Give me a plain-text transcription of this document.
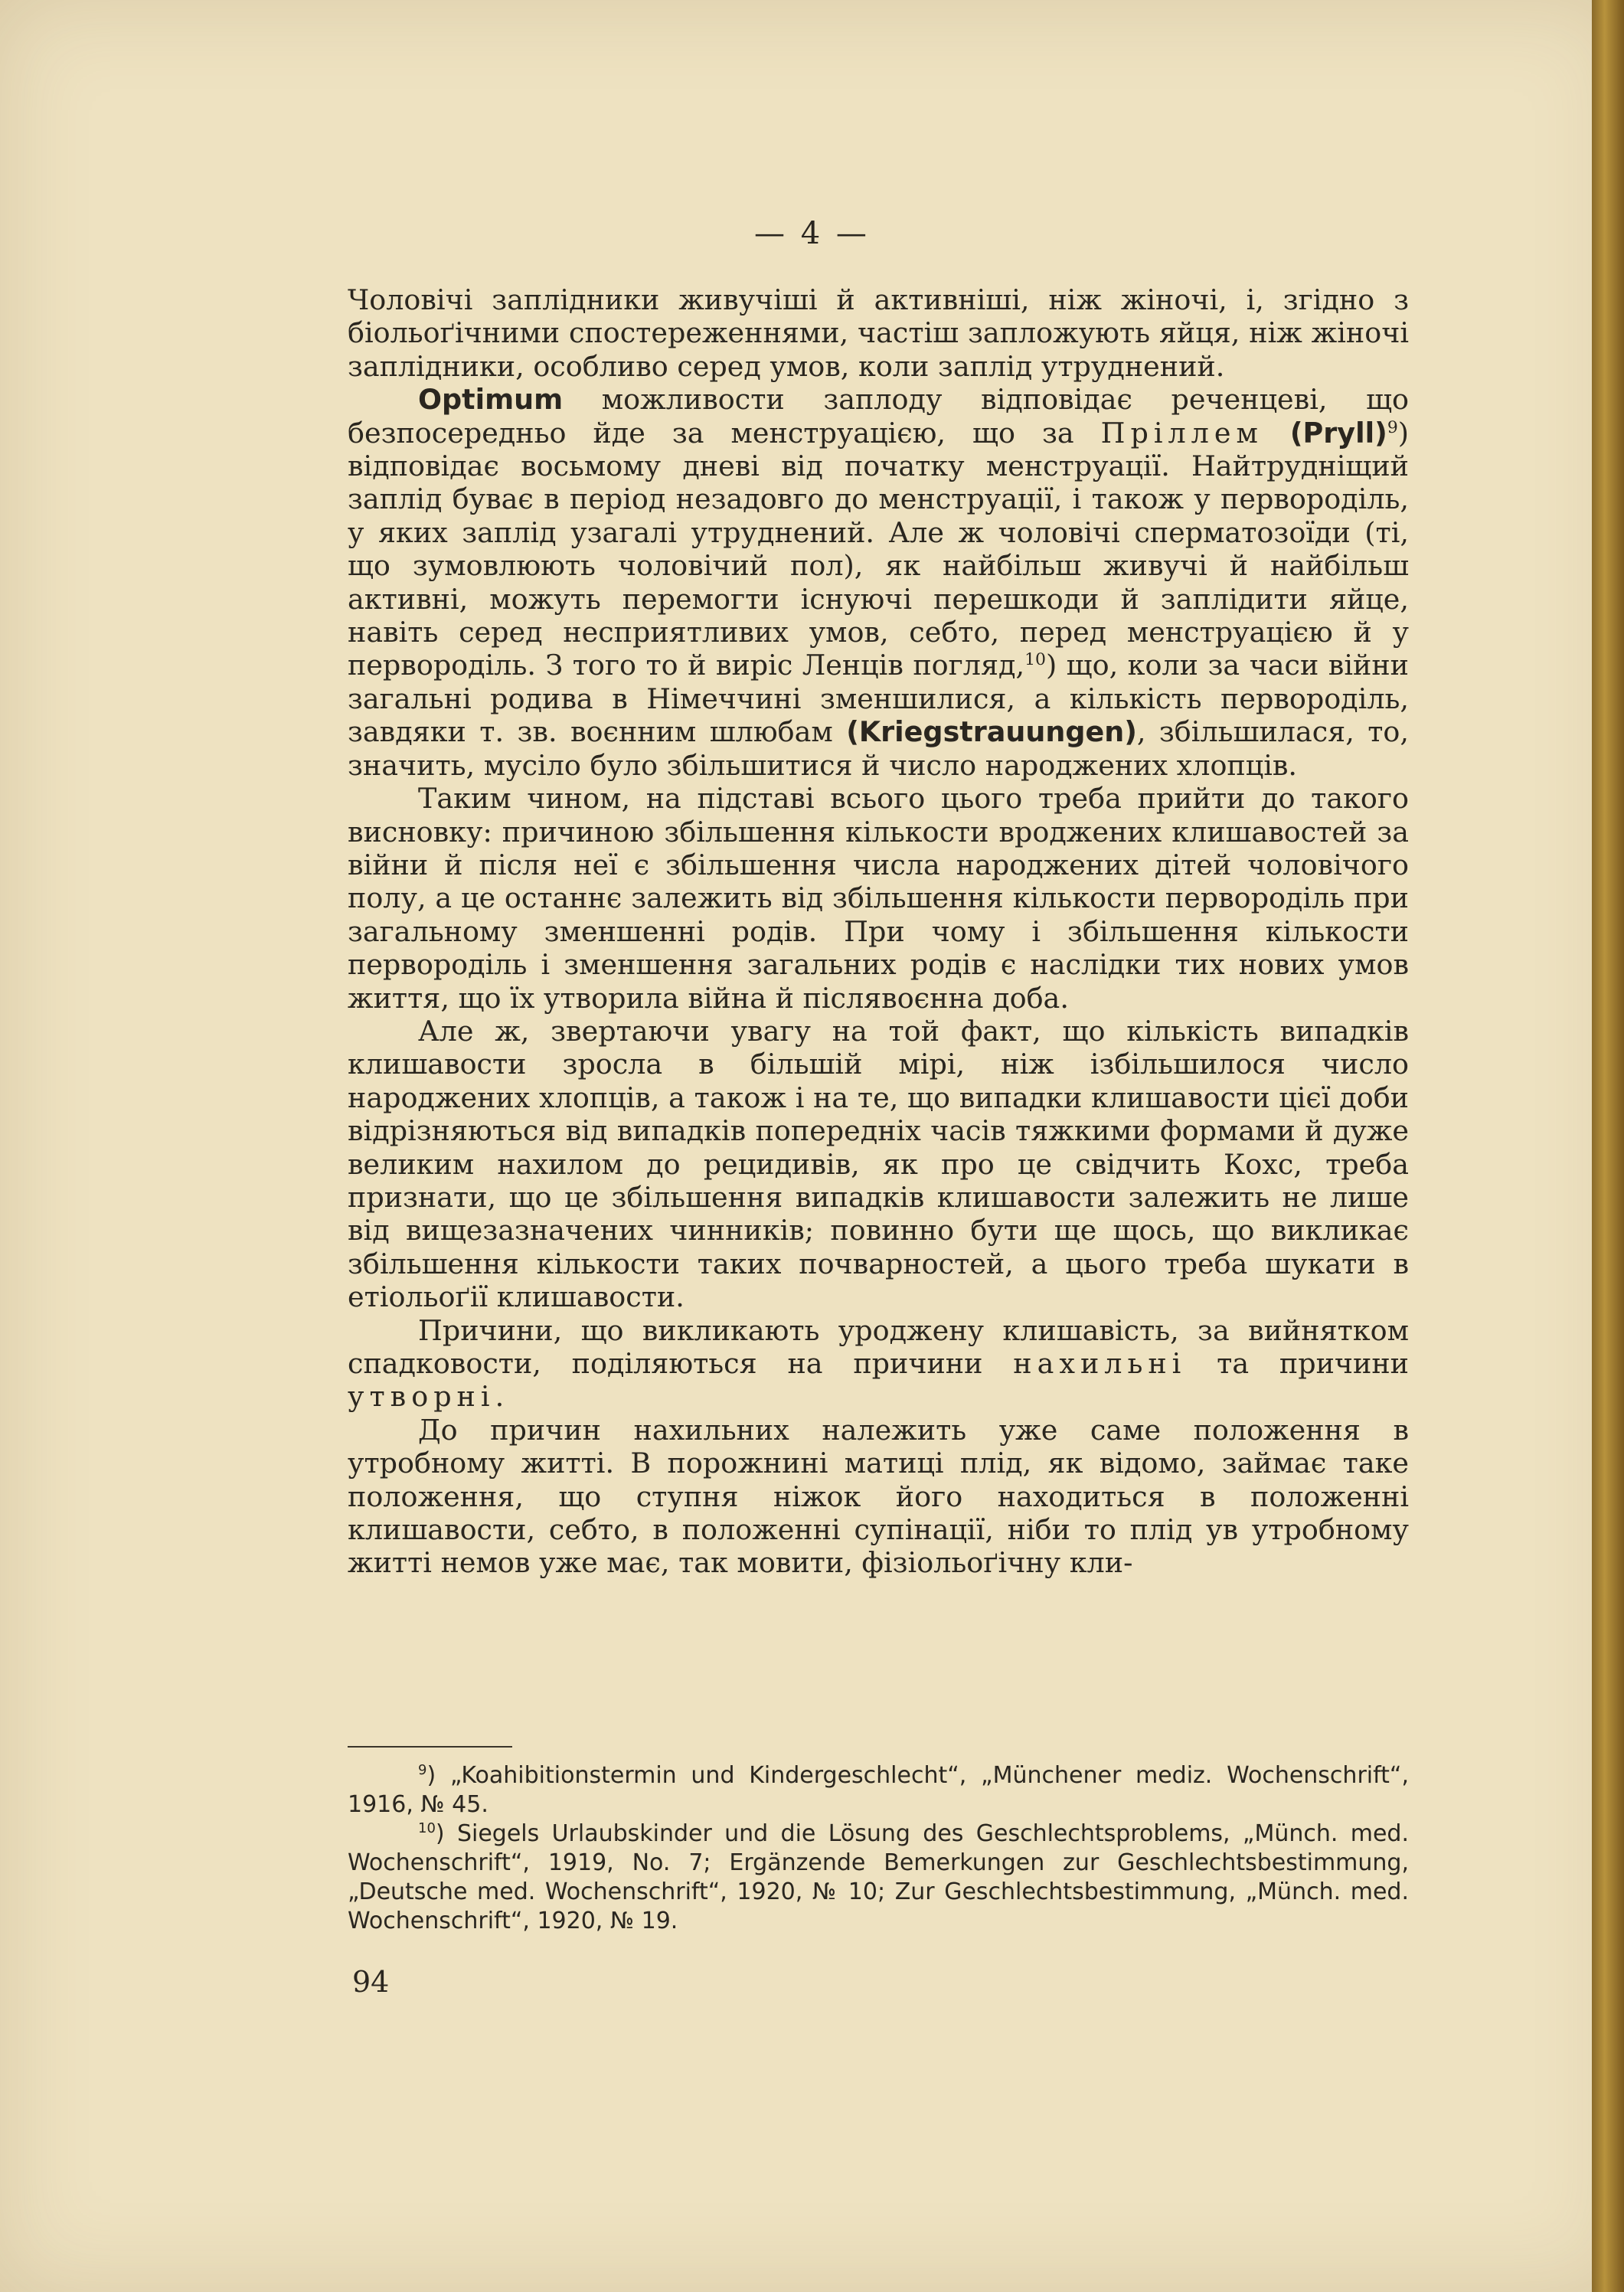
— 4 —

Чоловічі заплідники живучіші й активніші, ніж жіночі, і, згідно з біольоґічними спостереженнями, частіш запложують яйця, ніж жіночі заплідники, особливо серед умов, коли заплід утруднений.

Optimum можливости заплоду відповідає реченцеві, що безпосередньо йде за менструацією, що за Пріллем (Pryll)$^9$) відповідає восьмому дневі від початку менструації. Найтрудніщий заплід буває в період незадовго до менструації, і також у первороділь, у яких заплід узагалі утруднений. Але ж чоловічі сперматозоїди (ті, що зумовлюють чоловічий пол), як найбільш живучі й найбільш активні, можуть перемогти існуючі перешкоди й заплідити яйце, навіть серед несприятливих умов, себто, перед менструацією й у первороділь. З того то й виріс Ленців погляд,$^{10}$) що, коли за часи війни загальні родива в Німеччині зменшилися, а кількість первороділь, завдяки т. зв. воєнним шлюбам (Kriegstrauungen), збільшилася, то, значить, мусіло було збільшитися й число народжених хлопців.

Таким чином, на підставі всього цього треба прийти до такого висновку: причиною збільшення кількости вроджених клишавостей за війни й після неї є збільшення числа народжених дітей чоловічого полу, а це останнє залежить від збільшення кількости первороділь при загальному зменшенні родів. При чому і збільшення кількости первороділь і зменшення загальних родів є наслідки тих нових умов життя, що їх утворила війна й післявоєнна доба.

Але ж, звертаючи увагу на той факт, що кількість випадків клишавости зросла в більшій мірі, ніж ізбільшилося число народжених хлопців, а також і на те, що випадки клишавости цієї доби відрізняються від випадків попередніх часів тяжкими формами й дуже великим нахилом до рецидивів, як про це свідчить Кохс, треба признати, що це збільшення випадків клишавости залежить не лише від вищезазначених чинників; повинно бути ще щось, що викликає збільшення кількости таких почварностей, а цього треба шукати в етіольоґії клишавости.

Причини, що викликають уроджену клишавість, за вийнятком спадковости, поділяються на причини нахильні та причини утворні.

До причин нахильних належить уже саме положення в утробному житті. В порожнині матиці плід, як відомо, займає таке положення, що ступня ніжок його находиться в положенні клишавости, себто, в положенні супінації, ніби то плід ув утробному житті немов уже має, так мовити, фізіольоґічну кли-

$^9$) „Koahibitionstermin und Kindergeschlecht“, „Münchener mediz. Wochenschrift“, 1916, № 45.

$^{10}$) Siegels Urlaubskinder und die Lösung des Geschlechtsproblems, „Münch. med. Wochenschrift“, 1919, No. 7; Ergänzende Bemerkungen zur Geschlechtsbestimmung, „Deutsche med. Wochenschrift“, 1920, № 10; Zur Geschlechtsbestimmung, „Münch. med. Wochenschrift“, 1920, № 19.

94
